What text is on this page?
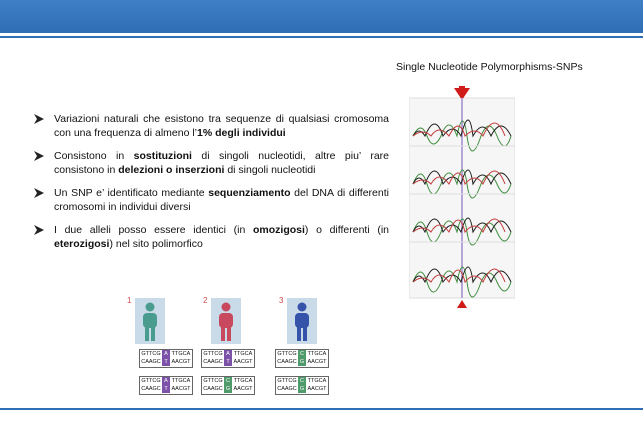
Single Nucleotide Polymorphisms-SNPs
Variazioni naturali che esistono tra sequenze di qualsiasi cromosoma con una frequenza di almeno l’1% degli individui
Consistono in sostituzioni di singoli nucleotidi, altre piu’ rare consistono in delezioni o inserzioni di singoli nucleotidi
Un SNP e’ identificato mediante sequenziamento del DNA di differenti cromosomi in individui diversi
I due alleli posso essere identici (in omozigosi) o differenti (in eterozigosi) nel sito polimorfico
1	2	3
GTTCG A TTGCA
CAAGC T AACGT
GTTCG A TTGCA
CAAGC T AACGT
GTTCG A TTGCA
CAAGC T AACGT
GTTCG C TTGCA
CAAGC G AACGT
GTTCG C TTGCA
CAAGC G AACGT
GTTCG C TTGCA
CAAGC G AACGT
